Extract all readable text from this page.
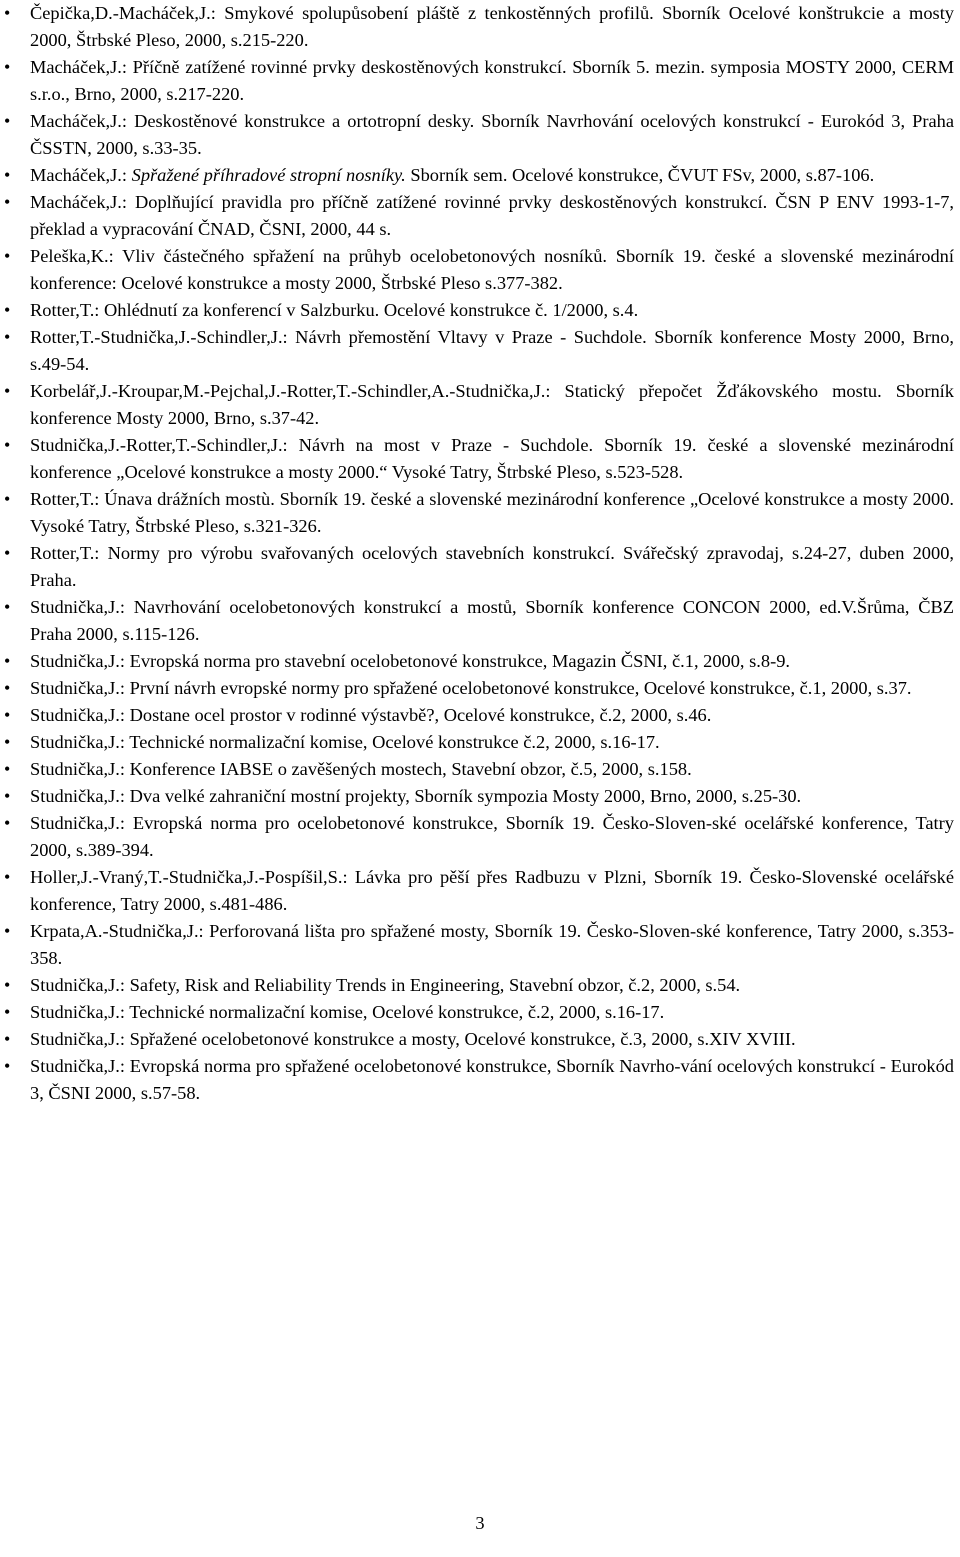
• Čepička,D.-Macháček,J.: Smykové spolupůsobení pláště z tenkostěnných profilů. Sborník Ocelové konštrukcie a mosty 2000, Štrbské Pleso, 2000, s.215-220.
• Macháček,J.: Příčně zatížené rovinné prvky deskostěnových konstrukcí. Sborník 5. mezin. symposia MOSTY 2000, CERM s.r.o., Brno, 2000, s.217-220.
• Macháček,J.: Deskostěnové konstrukce a ortotropní desky. Sborník Navrhování ocelových konstrukcí - Eurokód 3, Praha ČSSTN, 2000, s.33-35.
• Macháček,J.: Spřažené příhradové stropní nosníky. Sborník sem. Ocelové konstrukce, ČVUT FSv, 2000, s.87-106.
• Macháček,J.: Doplňující pravidla pro příčně zatížené rovinné prvky deskostěnových konstrukcí. ČSN P ENV 1993-1-7, překlad a vypracování ČNAD, ČSNI, 2000, 44 s.
• Peleška,K.: Vliv částečného spřažení na průhyb ocelobetonových nosníků. Sborník 19. české a slovenské mezinárodní konference: Ocelové konstrukce a mosty 2000, Štrbské Pleso s.377-382.
• Rotter,T.: Ohlédnutí za konferencí v Salzburku. Ocelové konstrukce č. 1/2000, s.4.
• Rotter,T.-Studnička,J.-Schindler,J.: Návrh přemostění Vltavy v Praze - Suchdole. Sborník konference Mosty 2000, Brno, s.49-54.
• Korbelář,J.-Kroupar,M.-Pejchal,J.-Rotter,T.-Schindler,A.-Studnička,J.: Statický přepočet Žďákovského mostu. Sborník konference Mosty 2000, Brno, s.37-42.
• Studnička,J.-Rotter,T.-Schindler,J.: Návrh na most v Praze - Suchdole. Sborník 19. české a slovenské mezinárodní konference „Ocelové konstrukce a mosty 2000.“ Vysoké Tatry, Štrbské Pleso, s.523-528.
• Rotter,T.: Únava drážních mostù. Sborník 19. české a slovenské mezinárodní konference „Ocelové konstrukce a mosty 2000. Vysoké Tatry, Štrbské Pleso, s.321-326.
• Rotter,T.: Normy pro výrobu svařovaných ocelových stavebních konstrukcí. Svářečský zpravodaj, s.24-27, duben 2000, Praha.
• Studnička,J.: Navrhování ocelobetonových konstrukcí a mostů, Sborník konference CONCON 2000, ed.V.Šrůma, ČBZ Praha 2000, s.115-126.
• Studnička,J.: Evropská norma pro stavební ocelobetonové konstrukce, Magazin ČSNI, č.1, 2000, s.8-9.
• Studnička,J.: První návrh evropské normy pro spřažené ocelobetonové konstrukce, Ocelové konstrukce, č.1, 2000, s.37.
• Studnička,J.: Dostane ocel prostor v rodinné výstavbě?, Ocelové konstrukce, č.2, 2000, s.46.
• Studnička,J.: Technické normalizační komise, Ocelové konstrukce č.2, 2000, s.16-17.
• Studnička,J.: Konference IABSE o zavěšených mostech, Stavební obzor, č.5, 2000, s.158.
• Studnička,J.: Dva velké zahraniční mostní projekty, Sborník sympozia Mosty 2000, Brno, 2000, s.25-30.
• Studnička,J.: Evropská norma pro ocelobetonové konstrukce, Sborník 19. Česko-Sloven-ské ocelářské konference, Tatry 2000, s.389-394.
• Holler,J.-Vraný,T.-Studnička,J.-Pospíšil,S.: Lávka pro pěší přes Radbuzu v Plzni, Sborník 19. Česko-Slovenské ocelářské konference, Tatry 2000, s.481-486.
• Krpata,A.-Studnička,J.: Perforovaná lišta pro spřažené mosty, Sborník 19. Česko-Sloven-ské konference, Tatry 2000, s.353-358.
• Studnička,J.: Safety, Risk and Reliability Trends in Engineering, Stavební obzor, č.2, 2000, s.54.
• Studnička,J.: Technické normalizační komise, Ocelové konstrukce, č.2, 2000, s.16-17.
• Studnička,J.: Spřažené ocelobetonové konstrukce a mosty, Ocelové konstrukce, č.3, 2000, s.XIV XVIII.
• Studnička,J.: Evropská norma pro spřažené ocelobetonové konstrukce, Sborník Navrho-vání ocelových konstrukcí - Eurokód 3, ČSNI 2000, s.57-58.
3
